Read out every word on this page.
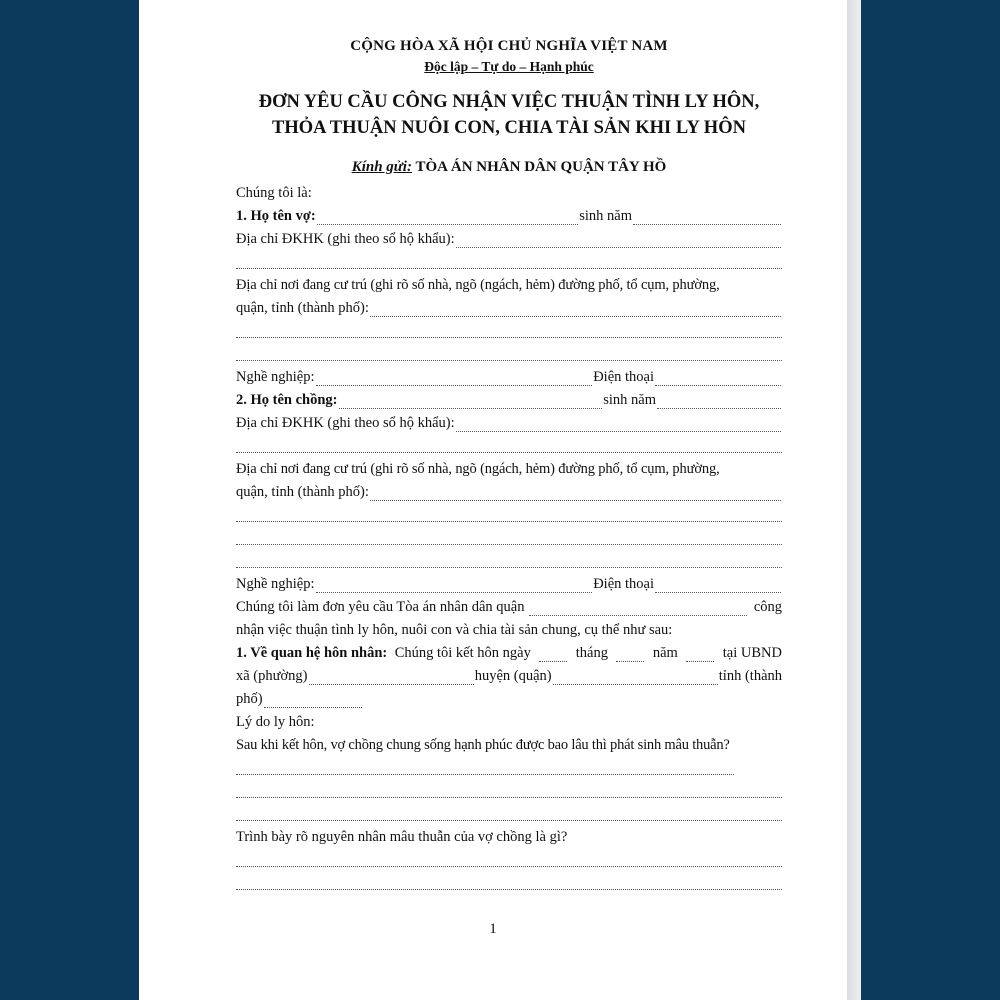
CỘNG HÒA XÃ HỘI CHỦ NGHĨA VIỆT NAM

Độc lập – Tự do – Hạnh phúc

ĐƠN YÊU CẦU CÔNG NHẬN VIỆC THUẬN TÌNH LY HÔN,
THỎA THUẬN NUÔI CON, CHIA TÀI SẢN KHI LY HÔN

Kính gửi: TÒA ÁN NHÂN DÂN QUẬN TÂY HỒ

Chúng tôi là:
1. Họ tên vợ:	sinh năm
Địa chỉ ĐKHK (ghi theo sổ hộ khẩu):
Địa chỉ nơi đang cư trú (ghi rõ số nhà, ngõ (ngách, hẻm) đường phố, tổ cụm, phường,
quận, tỉnh (thành phố):
Nghề nghiệp:	Điện thoại
2. Họ tên chồng:	sinh năm
Địa chỉ ĐKHK (ghi theo sổ hộ khẩu):
Địa chỉ nơi đang cư trú (ghi rõ số nhà, ngõ (ngách, hẻm) đường phố, tổ cụm, phường,
quận, tỉnh (thành phố):
Nghề nghiệp:	Điện thoại
Chúng tôi làm đơn yêu cầu Tòa án nhân dân quận	công
nhận việc thuận tình ly hôn, nuôi con và chia tài sản chung, cụ thể như sau:
1. Về quan hệ hôn nhân: Chúng tôi kết hôn ngày	tháng	năm	tại UBND
xã (phường)	huyện (quận)	tỉnh (thành
phố)
Lý do ly hôn:
Sau khi kết hôn, vợ chồng chung sống hạnh phúc được bao lâu thì phát sinh mâu thuẫn?
Trình bày rõ nguyên nhân mâu thuẫn của vợ chồng là gì?
1
